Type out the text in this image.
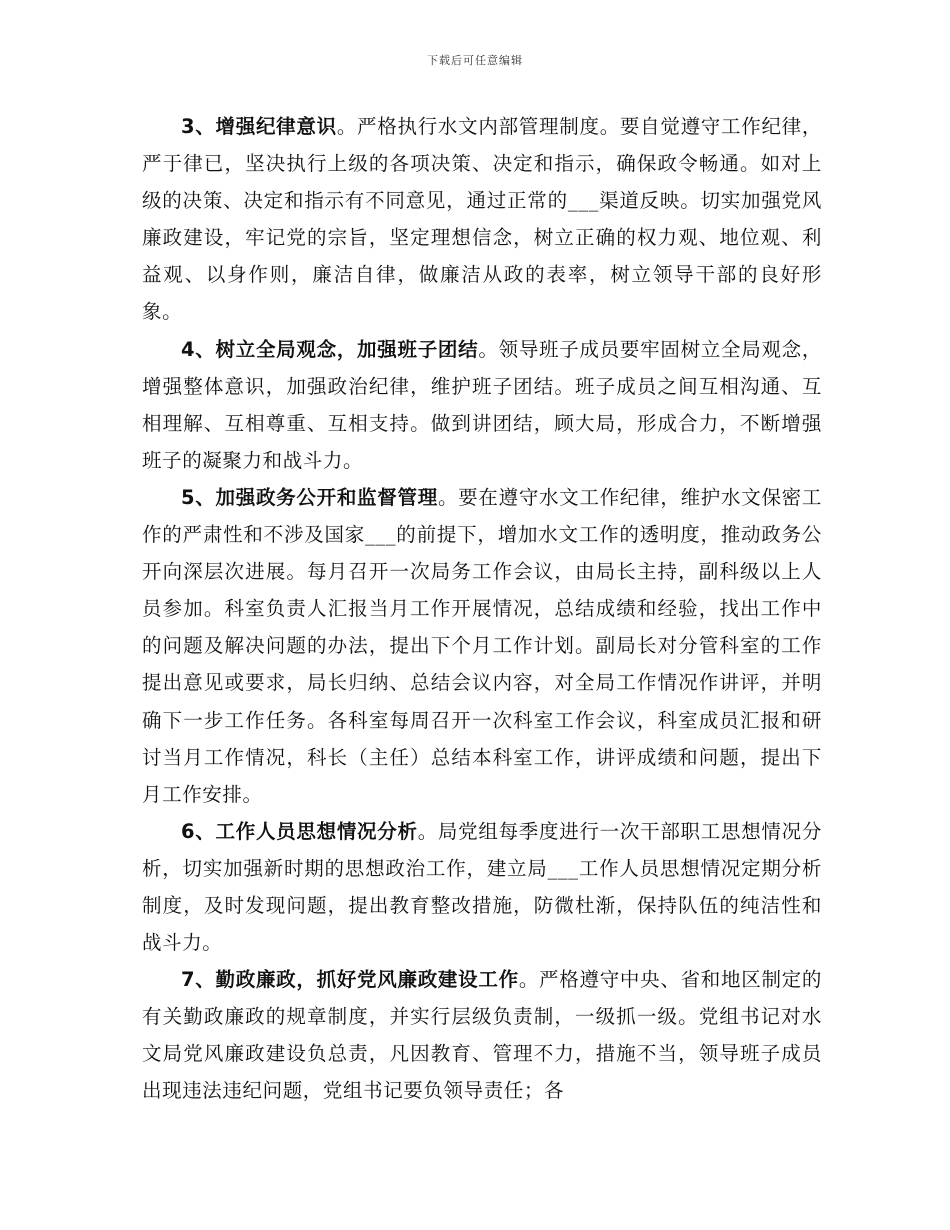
下载后可任意编辑

3、增强纪律意识。严格执行水文内部管理制度。要自觉遵守工作纪律，严于律已，坚决执行上级的各项决策、决定和指示，确保政令畅通。如对上级的决策、决定和指示有不同意见，通过正常的___渠道反映。切实加强党风廉政建设，牢记党的宗旨，坚定理想信念，树立正确的权力观、地位观、利益观、以身作则，廉洁自律，做廉洁从政的表率，树立领导干部的良好形象。

4、树立全局观念，加强班子团结。领导班子成员要牢固树立全局观念，增强整体意识，加强政治纪律，维护班子团结。班子成员之间互相沟通、互相理解、互相尊重、互相支持。做到讲团结，顾大局，形成合力，不断增强班子的凝聚力和战斗力。

5、加强政务公开和监督管理。要在遵守水文工作纪律，维护水文保密工作的严肃性和不涉及国家___的前提下，增加水文工作的透明度，推动政务公开向深层次进展。每月召开一次局务工作会议，由局长主持，副科级以上人员参加。科室负责人汇报当月工作开展情况，总结成绩和经验，找出工作中的问题及解决问题的办法，提出下个月工作计划。副局长对分管科室的工作提出意见或要求，局长归纳、总结会议内容，对全局工作情况作讲评，并明确下一步工作任务。各科室每周召开一次科室工作会议，科室成员汇报和研讨当月工作情况，科长（主任）总结本科室工作，讲评成绩和问题，提出下月工作安排。

6、工作人员思想情况分析。局党组每季度进行一次干部职工思想情况分析，切实加强新时期的思想政治工作，建立局___工作人员思想情况定期分析制度，及时发现问题，提出教育整改措施，防微杜渐，保持队伍的纯洁性和战斗力。

7、勤政廉政，抓好党风廉政建设工作。严格遵守中央、省和地区制定的有关勤政廉政的规章制度，并实行层级负责制，一级抓一级。党组书记对水文局党风廉政建设负总责，凡因教育、管理不力，措施不当，领导班子成员出现违法违纪问题，党组书记要负领导责任；各
